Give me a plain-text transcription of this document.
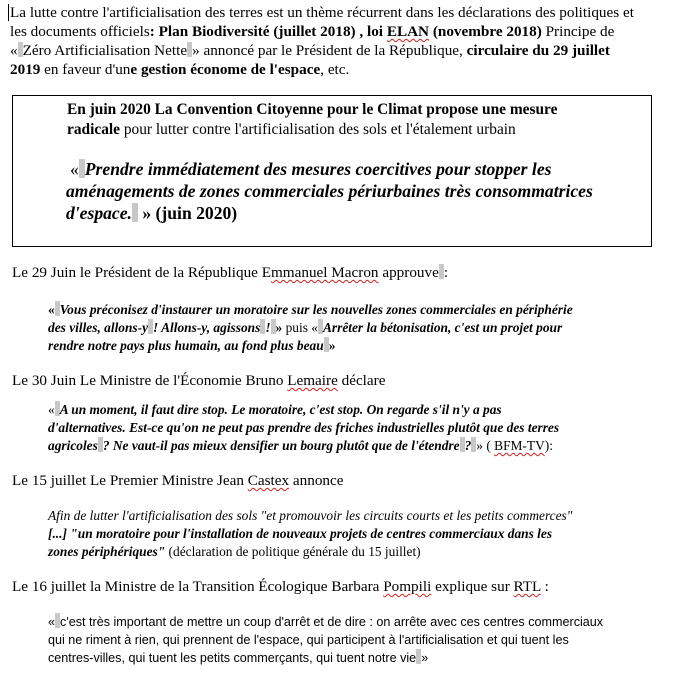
La lutte contre l'artificialisation des terres est un thème récurrent dans les déclarations des politiques et
les documents officiels: Plan Biodiversité (juillet 2018) , loi ELAN (novembre 2018) Principe de
« Zéro Artificialisation Nette » annoncé par le Président de la République, circulaire du 29 juillet
2019 en faveur d'une gestion économe de l'espace, etc.
En juin 2020 La Convention Citoyenne pour le Climat propose une mesure
radicale pour lutter contre l'artificialisation des sols et l'étalement urbain
« Prendre immédiatement des mesures coercitives pour stopper les
aménagements de zones commerciales périurbaines très consommatrices
d'espace. » (juin 2020)
Le 29 Juin le Président de la République Emmanuel Macron approuve :
« Vous préconisez d'instaurer un moratoire sur les nouvelles zones commerciales en périphérie
des villes, allons-y ! Allons-y, agissons ! » puis « Arrêter la bétonisation, c'est un projet pour
rendre notre pays plus humain, au fond plus beau »
Le 30 Juin Le Ministre de l'Économie Bruno Lemaire déclare
« A un moment, il faut dire stop. Le moratoire, c'est stop. On regarde s'il n'y a pas
d'alternatives. Est-ce qu'on ne peut pas prendre des friches industrielles plutôt que des terres
agricoles ? Ne vaut-il pas mieux densifier un bourg plutôt que de l'étendre ? » ( BFM-TV):
Le 15 juillet Le Premier Ministre Jean Castex annonce
Afin de lutter l'artificialisation des sols "et promouvoir les circuits courts et les petits commerces"
[...] "un moratoire pour l'installation de nouveaux projets de centres commerciaux dans les
zones périphériques" (déclaration de politique générale du 15 juillet)
Le 16 juillet la Ministre de la Transition Écologique Barbara Pompili explique sur RTL :
« c'est très important de mettre un coup d'arrêt et de dire : on arrête avec ces centres commerciaux
qui ne riment à rien, qui prennent de l'espace, qui participent à l'artificialisation et qui tuent les
centres-villes, qui tuent les petits commerçants, qui tuent notre vie »
